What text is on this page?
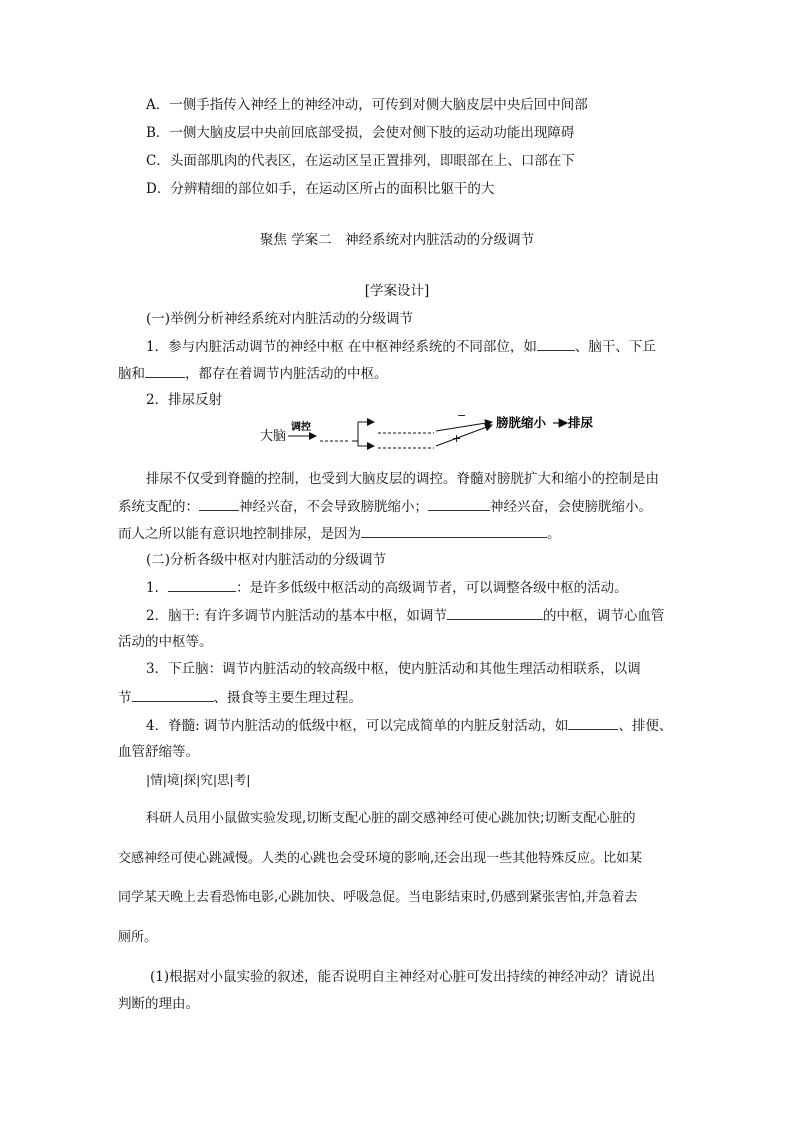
A．一侧手指传入神经上的神经冲动，可传到对侧大脑皮层中央后回中间部
B．一侧大脑皮层中央前回底部受损，会使对侧下肢的运动功能出现障碍
C．头面部肌肉的代表区，在运动区呈正置排列，即眼部在上、口部在下
D．分辨精细的部位如手，在运动区所占的面积比躯干的大
聚焦 学案二　神经系统对内脏活动的分级调节
[学案设计]
(一)举例分析神经系统对内脏活动的分级调节
1．参与内脏活动调节的神经中枢 在中枢神经系统的不同部位，如	、脑干、下丘
脑和	，都存在着调节内脏活动的中枢。
2．排尿反射
大脑
调控
−
+
膀胱缩小 排尿
排尿不仅受到脊髓的控制，也受到大脑皮层的调控。脊髓对膀胱扩大和缩小的控制是由
系统支配的：	神经兴奋，不会导致膀胱缩小；	神经兴奋，会使膀胱缩小。
而人之所以能有意识地控制排尿，是因为	。
(二)分析各级中枢对内脏活动的分级调节
1．	：是许多低级中枢活动的高级调节者，可以调整各级中枢的活动。
2．脑干: 有许多调节内脏活动的基本中枢，如调节	的中枢，调节心血管
活动的中枢等。
3．下丘脑：调节内脏活动的较高级中枢，使内脏活动和其他生理活动相联系，以调
节	、摄食等主要生理过程。
4．脊髓: 调节内脏活动的低级中枢，可以完成简单的内脏反射活动，如	、排便、
血管舒缩等。
|情|境|探|究|思|考|
科研人员用小鼠做实验发现,切断支配心脏的副交感神经可使心跳加快;切断支配心脏的
交感神经可使心跳减慢。人类的心跳也会受环境的影响,还会出现一些其他特殊反应。比如某
同学某天晚上去看恐怖电影,心跳加快、呼吸急促。当电影结束时,仍感到紧张害怕,并急着去
厕所。
(1)根据对小鼠实验的叙述，能否说明自主神经对心脏可发出持续的神经冲动？请说出
判断的理由。
